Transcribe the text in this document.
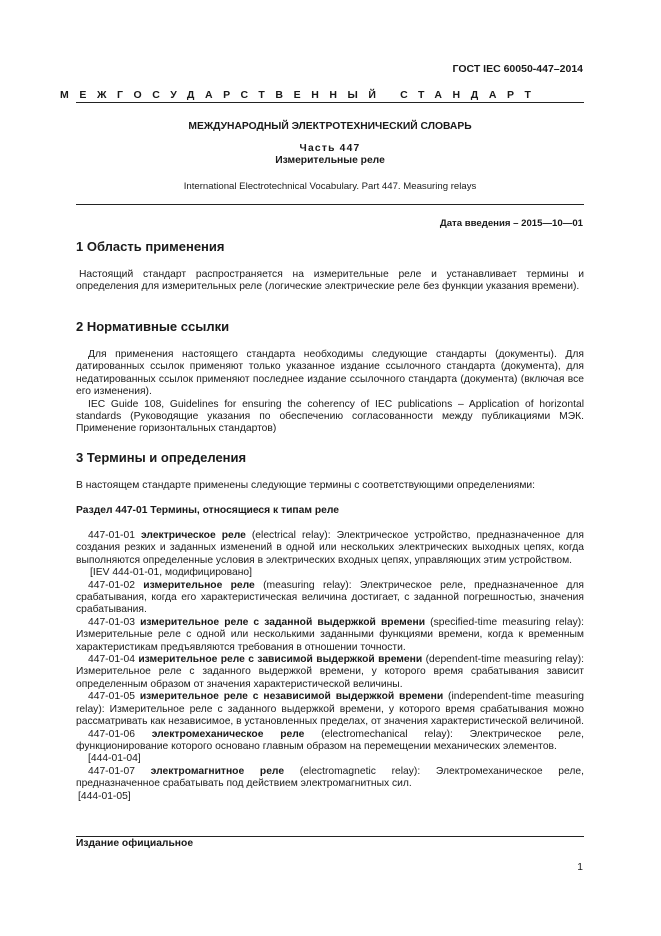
ГОСТ IEC 60050-447–2014
МЕЖГОСУДАРСТВЕННЫЙ СТАНДАРТ
МЕЖДУНАРОДНЫЙ ЭЛЕКТРОТЕХНИЧЕСКИЙ СЛОВАРЬ
Часть 447
Измерительные реле
International Electrotechnical Vocabulary. Part 447. Measuring relays
Дата введения – 2015—10—01
1 Область применения

Настоящий стандарт распространяется на измерительные реле и устанавливает термины и определения для измерительных реле (логические электрические реле без функции указания времени).

2 Нормативные ссылки

Для применения настоящего стандарта необходимы следующие стандарты (документы). Для датированных ссылок применяют только указанное издание ссылочного стандарта (документа), для недатированных ссылок применяют последнее издание ссылочного стандарта (документа) (включая все его изменения).

IEC Guide 108, Guidelines for ensuring the coherency of IEC publications – Application of horizontal standards (Руководящие указания по обеспечению согласованности между публикациями МЭК. Применение горизонтальных стандартов)

3 Термины и определения

В настоящем стандарте применены следующие термины с соответствующими определениями:

Раздел 447-01 Термины, относящиеся к типам реле

447-01-01 электрическое реле (electrical relay): Электрическое устройство, предназначенное для создания резких и заданных изменений в одной или нескольких электрических выходных цепях, когда выполняются определенные условия в электрических входных цепях, управляющих этим устройством.

[IEV 444-01-01, модифицировано]

447-01-02 измерительное реле (measuring relay): Электрическое реле, предназначенное для срабатывания, когда его характеристическая величина достигает, с заданной погрешностью, значения срабатывания.

447-01-03 измерительное реле с заданной выдержкой времени (specified-time measuring relay): Измерительные реле с одной или несколькими заданными функциями времени, когда к временным характеристикам предъявляются требования в отношении точности.

447-01-04 измерительное реле с зависимой выдержкой времени (dependent-time measuring relay): Измерительное реле с заданного выдержкой времени, у которого время срабатывания зависит определенным образом от значения характеристической величины.

447-01-05 измерительное реле с независимой выдержкой времени (independent-time measuring relay): Измерительное реле с заданного выдержкой времени, у которого время срабатывания можно рассматривать как независимое, в установленных пределах, от значения характеристической величиной.

447-01-06 электромеханическое реле (electromechanical relay): Электрическое реле, функционирование которого основано главным образом на перемещении механических элементов.

[444-01-04]

447-01-07 электромагнитное реле (electromagnetic relay): Электромеханическое реле, предназначенное срабатывать под действием электромагнитных сил.

[444-01-05]

Издание официальное
1
